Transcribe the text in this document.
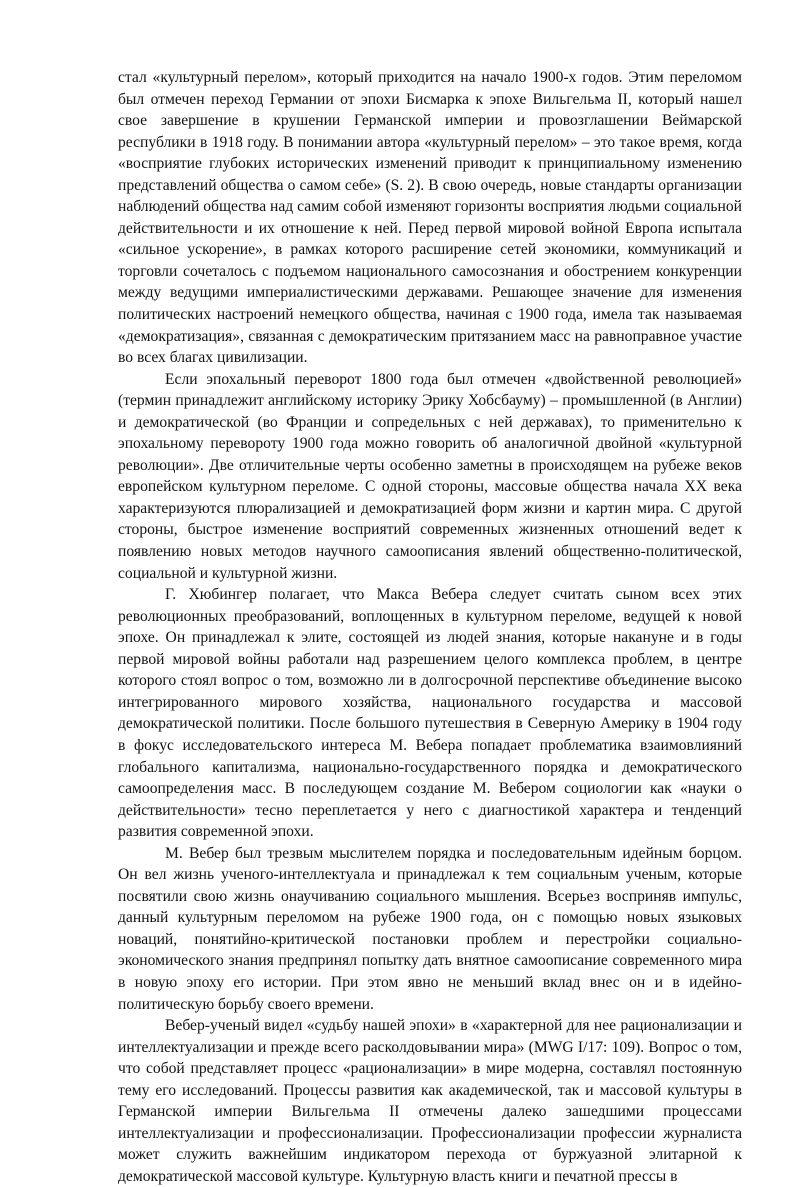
стал «культурный перелом», который приходится на начало 1900-х годов. Этим переломом был отмечен переход Германии от эпохи Бисмарка к эпохе Вильгельма II, который нашел свое завершение в крушении Германской империи и провозглашении Веймарской республики в 1918 году. В понимании автора «культурный перелом» – это такое время, когда «восприятие глубоких исторических изменений приводит к принципиальному изменению представлений общества о самом себе» (S. 2). В свою очередь, новые стандарты организации наблюдений общества над самим собой изменяют горизонты восприятия людьми социальной действительности и их отношение к ней. Перед первой мировой войной Европа испытала «сильное ускорение», в рамках которого расширение сетей экономики, коммуникаций и торговли сочеталось с подъемом национального самосознания и обострением конкуренции между ведущими империалистическими державами. Решающее значение для изменения политических настроений немецкого общества, начиная с 1900 года, имела так называемая «демократизация», связанная с демократическим притязанием масс на равноправное участие во всех благах цивилизации.

Если эпохальный переворот 1800 года был отмечен «двойственной революцией» (термин принадлежит английскому историку Эрику Хобсбауму) – промышленной (в Англии) и демократической (во Франции и сопредельных с ней державах), то применительно к эпохальному перевороту 1900 года можно говорить об аналогичной двойной «культурной революции». Две отличительные черты особенно заметны в происходящем на рубеже веков европейском культурном переломе. С одной стороны, массовые общества начала XX века характеризуются плюрализацией и демократизацией форм жизни и картин мира. С другой стороны, быстрое изменение восприятий современных жизненных отношений ведет к появлению новых методов научного самоописания явлений общественно-политической, социальной и культурной жизни.

Г. Хюбингер полагает, что Макса Вебера следует считать сыном всех этих революционных преобразований, воплощенных в культурном переломе, ведущей к новой эпохе. Он принадлежал к элите, состоящей из людей знания, которые накануне и в годы первой мировой войны работали над разрешением целого комплекса проблем, в центре которого стоял вопрос о том, возможно ли в долгосрочной перспективе объединение высоко интегрированного мирового хозяйства, национального государства и массовой демократической политики. После большого путешествия в Северную Америку в 1904 году в фокус исследовательского интереса М. Вебера попадает проблематика взаимовлияний глобального капитализма, национально-государственного порядка и демократического самоопределения масс. В последующем создание М. Вебером социологии как «науки о действительности» тесно переплетается у него с диагностикой характера и тенденций развития современной эпохи.

М. Вебер был трезвым мыслителем порядка и последовательным идейным борцом. Он вел жизнь ученого-интеллектуала и принадлежал к тем социальным ученым, которые посвятили свою жизнь онаучиванию социального мышления. Всерьез восприняв импульс, данный культурным переломом на рубеже 1900 года, он с помощью новых языковых новаций, понятийно-критической постановки проблем и перестройки социально-экономического знания предпринял попытку дать внятное самоописание современного мира в новую эпоху его истории. При этом явно не меньший вклад внес он и в идейно-политическую борьбу своего времени.

Вебер-ученый видел «судьбу нашей эпохи» в «характерной для нее рационализации и интеллектуализации и прежде всего расколдовывании мира» (MWG I/17: 109). Вопрос о том, что собой представляет процесс «рационализации» в мире модерна, составлял постоянную тему его исследований. Процессы развития как академической, так и массовой культуры в Германской империи Вильгельма II отмечены далеко зашедшими процессами интеллектуализации и профессионализации. Профессионализации профессии журналиста может служить важнейшим индикатором перехода от буржуазной элитарной к демократической массовой культуре. Культурную власть книги и печатной прессы в
